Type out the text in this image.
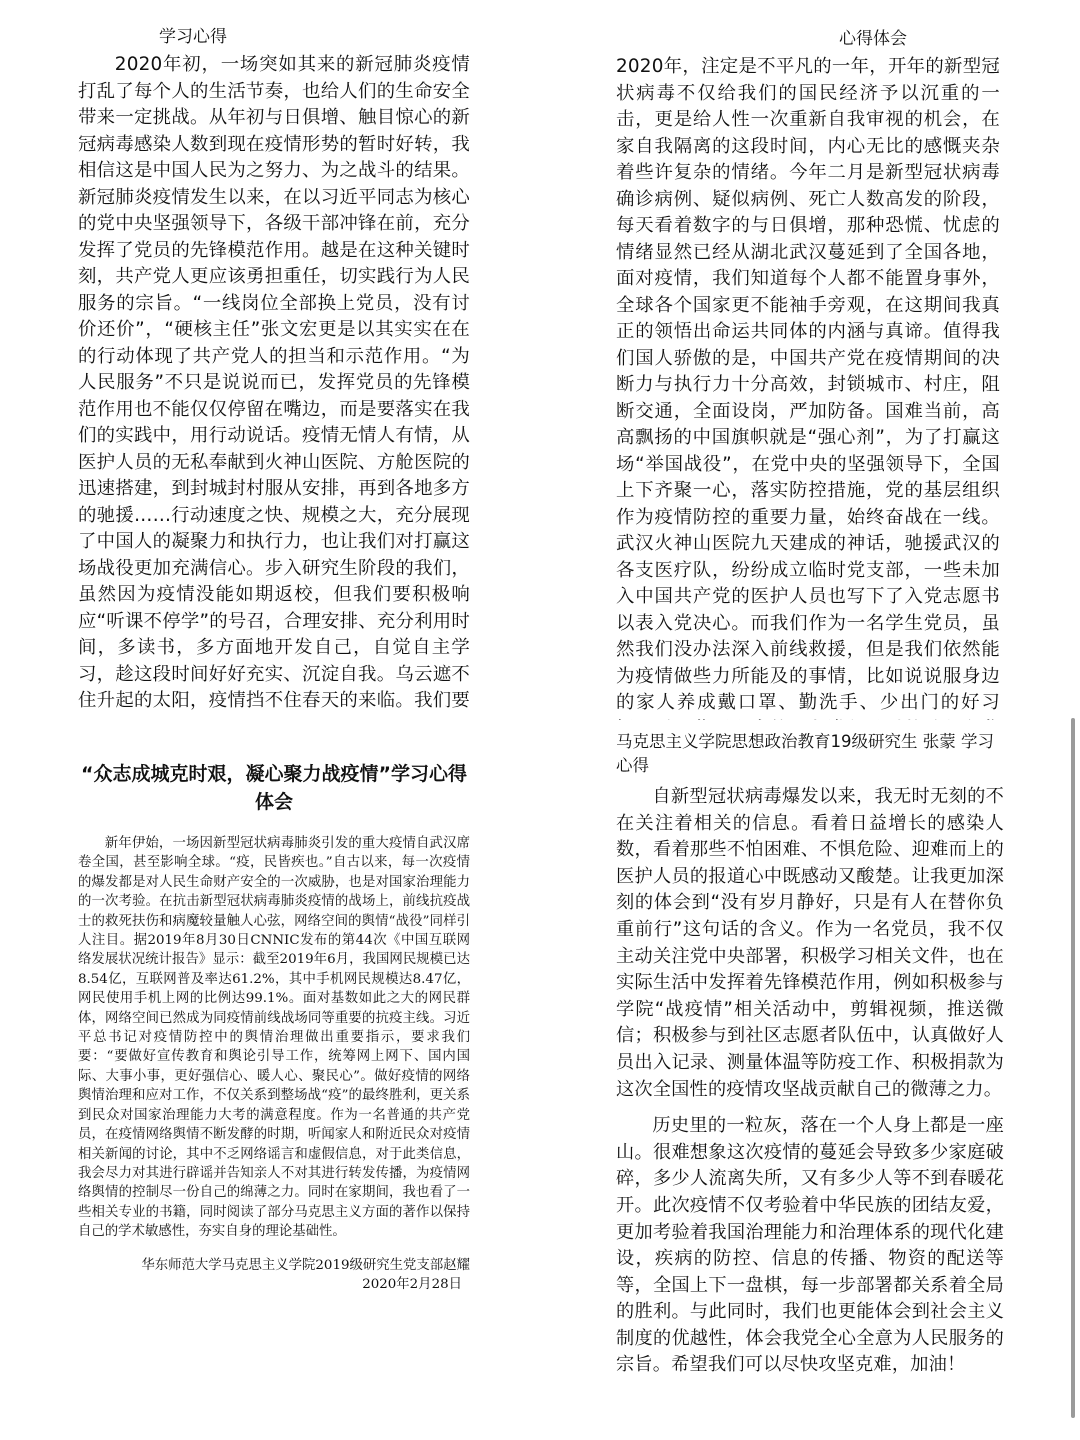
学习心得

2020年初，一场突如其来的新冠肺炎疫情打乱了每个人的生活节奏，也给人们的生命安全带来一定挑战。从年初与日俱增、触目惊心的新冠病毒感染人数到现在疫情形势的暂时好转，我相信这是中国人民为之努力、为之战斗的结果。新冠肺炎疫情发生以来，在以习近平同志为核心的党中央坚强领导下，各级干部冲锋在前，充分发挥了党员的先锋模范作用。越是在这种关键时刻，共产党人更应该勇担重任，切实践行为人民服务的宗旨。“一线岗位全部换上党员，没有讨价还价”，“硬核主任”张文宏更是以其实实在在的行动体现了共产党人的担当和示范作用。“为人民服务”不只是说说而已，发挥党员的先锋模范作用也不能仅仅停留在嘴边，而是要落实在我们的实践中，用行动说话。疫情无情人有情，从医护人员的无私奉献到火神山医院、方舱医院的迅速搭建，到封城封村服从安排，再到各地多方的驰援……行动速度之快、规模之大，充分展现了中国人的凝聚力和执行力，也让我们对打赢这场战役更加充满信心。步入研究生阶段的我们，虽然因为疫情没能如期返校，但我们要积极响应“听课不停学”的号召，合理安排、充分利用时间，多读书，多方面地开发自己，自觉自主学习，趁这段时间好好充实、沉淀自我。乌云遮不住升起的太阳，疫情挡不住春天的来临。我们要

心得体会

2020年，注定是不平凡的一年，开年的新型冠状病毒不仅给我们的国民经济予以沉重的一击，更是给人性一次重新自我审视的机会，在家自我隔离的这段时间，内心无比的感慨夹杂着些许复杂的情绪。今年二月是新型冠状病毒确诊病例、疑似病例、死亡人数高发的阶段，每天看着数字的与日俱增，那种恐慌、忧虑的情绪显然已经从湖北武汉蔓延到了全国各地，面对疫情，我们知道每个人都不能置身事外，全球各个国家更不能袖手旁观，在这期间我真正的领悟出命运共同体的内涵与真谛。值得我们国人骄傲的是，中国共产党在疫情期间的决断力与执行力十分高效，封锁城市、村庄，阻断交通，全面设岗，严加防备。国难当前，高高飘扬的中国旗帜就是“强心剂”，为了打赢这场“举国战役”，在党中央的坚强领导下，全国上下齐聚一心，落实防控措施，党的基层组织作为疫情防控的重要力量，始终奋战在一线。武汉火神山医院九天建成的神话，驰援武汉的各支医疗队，纷纷成立临时党支部，一些未加入中国共产党的医护人员也写下了入党志愿书以表入党决心。而我们作为一名学生党员，虽然我们没办法深入前线救援，但是我们依然能为疫情做些力所能及的事情，比如说说服身边的家人养成戴口罩、勤洗手、少出门的好习

“众志成城克时艰，凝心聚力战疫情”学习心得体会

新年伊始，一场因新型冠状病毒肺炎引发的重大疫情自武汉席卷全国，甚至影响全球。“疫，民皆疾也。”自古以来，每一次疫情的爆发都是对人民生命财产安全的一次威胁，也是对国家治理能力的一次考验。在抗击新型冠状病毒肺炎疫情的战场上，前线抗疫战士的救死扶伤和病魔较量触人心弦，网络空间的舆情“战役”同样引人注目。据2019年8月30日CNNIC发布的第44次《中国互联网络发展状况统计报告》显示：截至2019年6月，我国网民规模已达8.54亿，互联网普及率达61.2%，其中手机网民规模达8.47亿，网民使用手机上网的比例达99.1%。面对基数如此之大的网民群体，网络空间已然成为同疫情前线战场同等重要的抗疫主线。习近平总书记对疫情防控中的舆情治理做出重要指示，要求我们要：“要做好宣传教育和舆论引导工作，统筹网上网下、国内国际、大事小事，更好强信心、暖人心、聚民心”。做好疫情的网络舆情治理和应对工作，不仅关系到整场战“疫”的最终胜利，更关系到民众对国家治理能力大考的满意程度。作为一名普通的共产党员，在疫情网络舆情不断发酵的时期，听闻家人和附近民众对疫情相关新闻的讨论，其中不乏网络谣言和虚假信息，对于此类信息，我会尽力对其进行辟谣并告知亲人不对其进行转发传播，为疫情网络舆情的控制尽一份自己的绵薄之力。同时在家期间，我也看了一些相关专业的书籍，同时阅读了部分马克思主义方面的著作以保持自己的学术敏感性，夯实自身的理论基础性。

华东师范大学马克思主义学院2019级研究生党支部赵耀
2020年2月28日
马克思主义学院思想政治教育19级研究生 张蒙 学习心得

自新型冠状病毒爆发以来，我无时无刻的不在关注着相关的信息。看着日益增长的感染人数，看着那些不怕困难、不惧危险、迎难而上的医护人员的报道心中既感动又酸楚。让我更加深刻的体会到“没有岁月静好，只是有人在替你负重前行”这句话的含义。作为一名党员，我不仅主动关注党中央部署，积极学习相关文件，也在实际生活中发挥着先锋模范作用，例如积极参与学院“战疫情”相关活动中，剪辑视频，推送微信；积极参与到社区志愿者队伍中，认真做好人员出入记录、测量体温等防疫工作、积极捐款为这次全国性的疫情攻坚战贡献自己的微薄之力。

历史里的一粒灰，落在一个人身上都是一座山。很难想象这次疫情的蔓延会导致多少家庭破碎，多少人流离失所，又有多少人等不到春暖花开。此次疫情不仅考验着中华民族的团结友爱，更加考验着我国治理能力和治理体系的现代化建设，疾病的防控、信息的传播、物资的配送等等，全国上下一盘棋，每一步部署都关系着全局的胜利。与此同时，我们也更能体会到社会主义制度的优越性，体会我党全心全意为人民服务的宗旨。希望我们可以尽快攻坚克难，加油！
